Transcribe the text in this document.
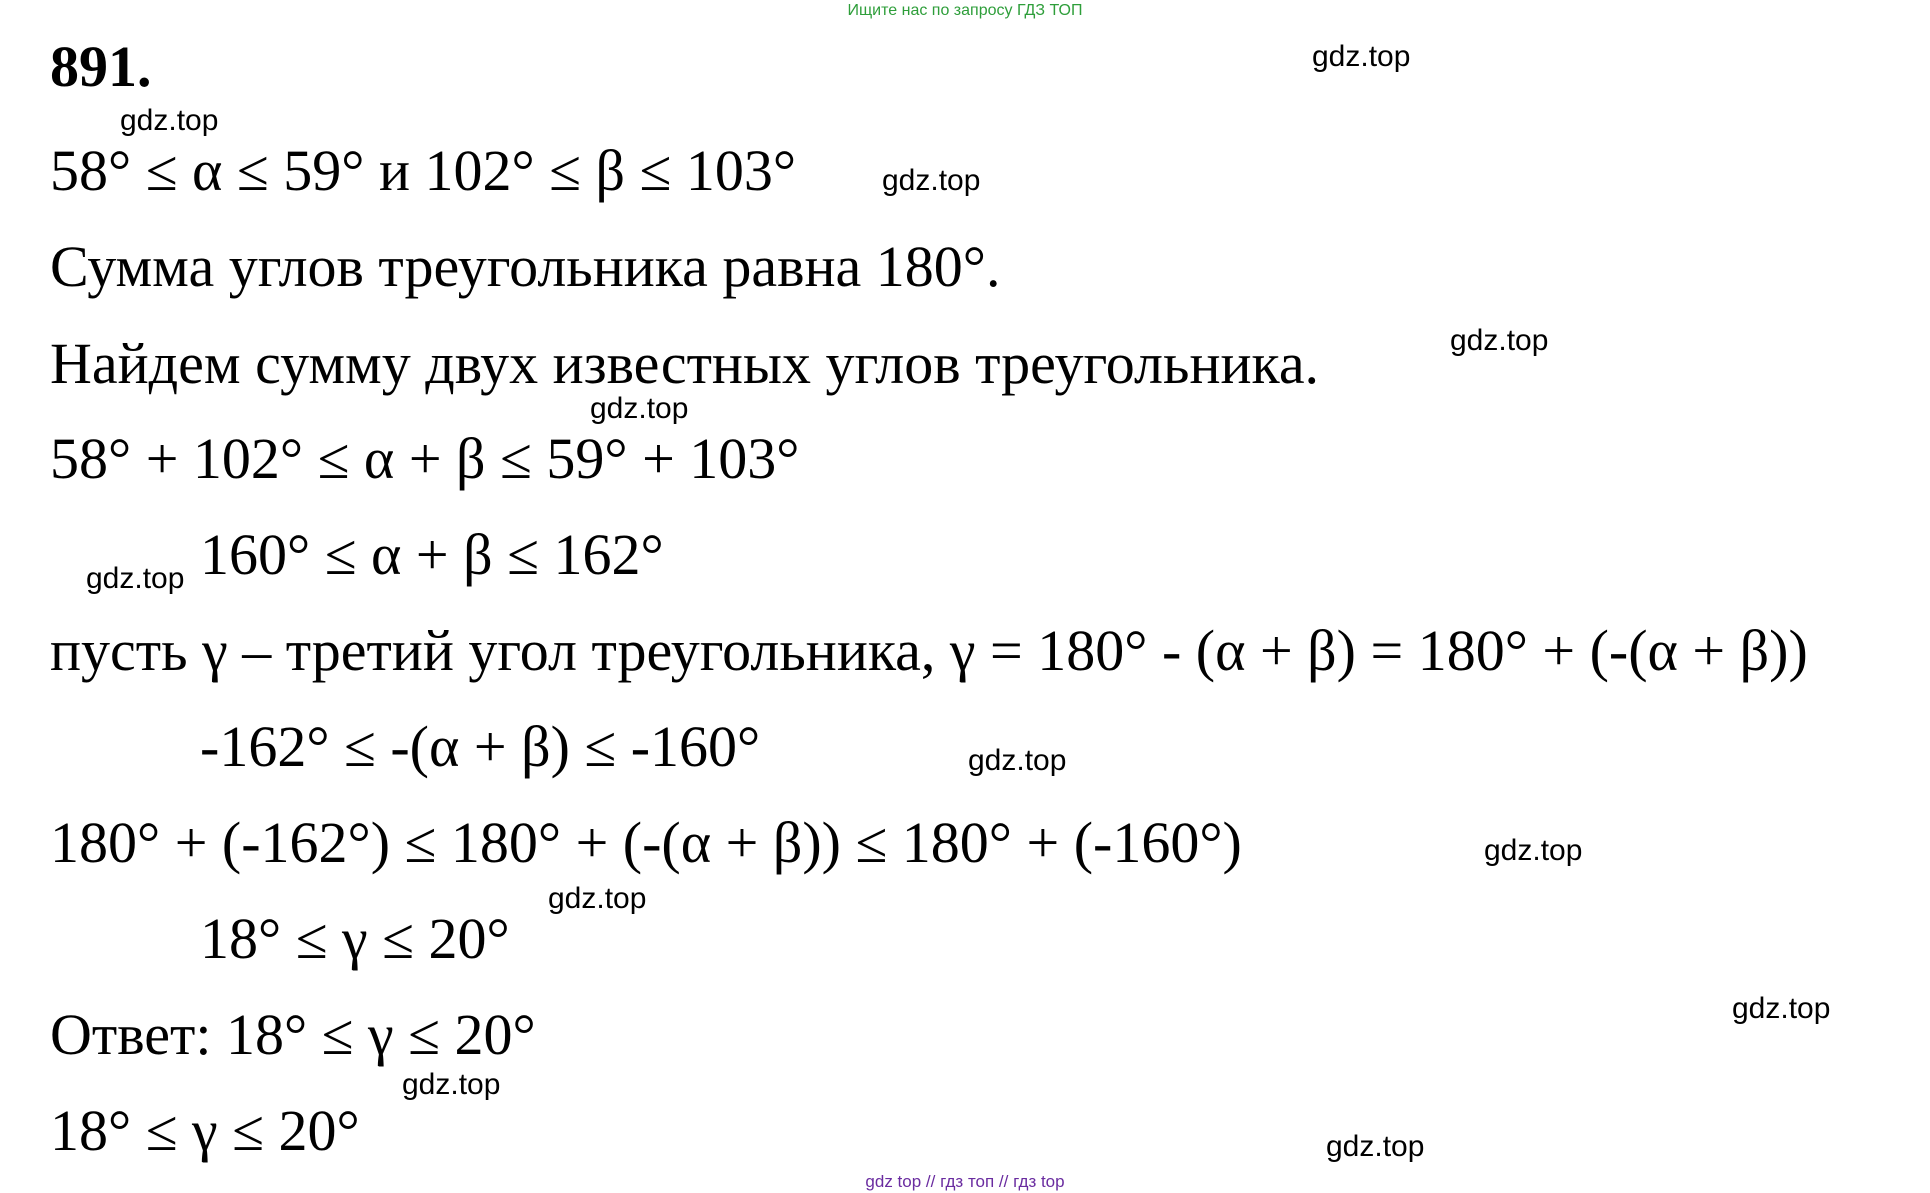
Ищите нас по запросу ГДЗ ТОП
891.
58° ≤ α ≤ 59° и 102° ≤ β ≤ 103°
Сумма углов треугольника равна 180°.
Найдем сумму двух известных углов треугольника.
58° + 102° ≤ α + β ≤ 59° + 103°
160° ≤ α + β ≤ 162°
пусть γ – третий угол треугольника, γ = 180° - (α + β) = 180° + (-(α + β))
-162° ≤ -(α + β) ≤ -160°
180° + (-162°) ≤ 180° + (-(α + β)) ≤ 180° + (-160°)
18° ≤ γ ≤ 20°
Ответ: 18° ≤ γ ≤ 20°
18° ≤ γ ≤ 20°
gdz.top
gdz.top
gdz.top
gdz.top
gdz.top
gdz.top
gdz.top
gdz.top
gdz.top
gdz.top
gdz.top
gdz.top
gdz top // гдз топ // гдз top
